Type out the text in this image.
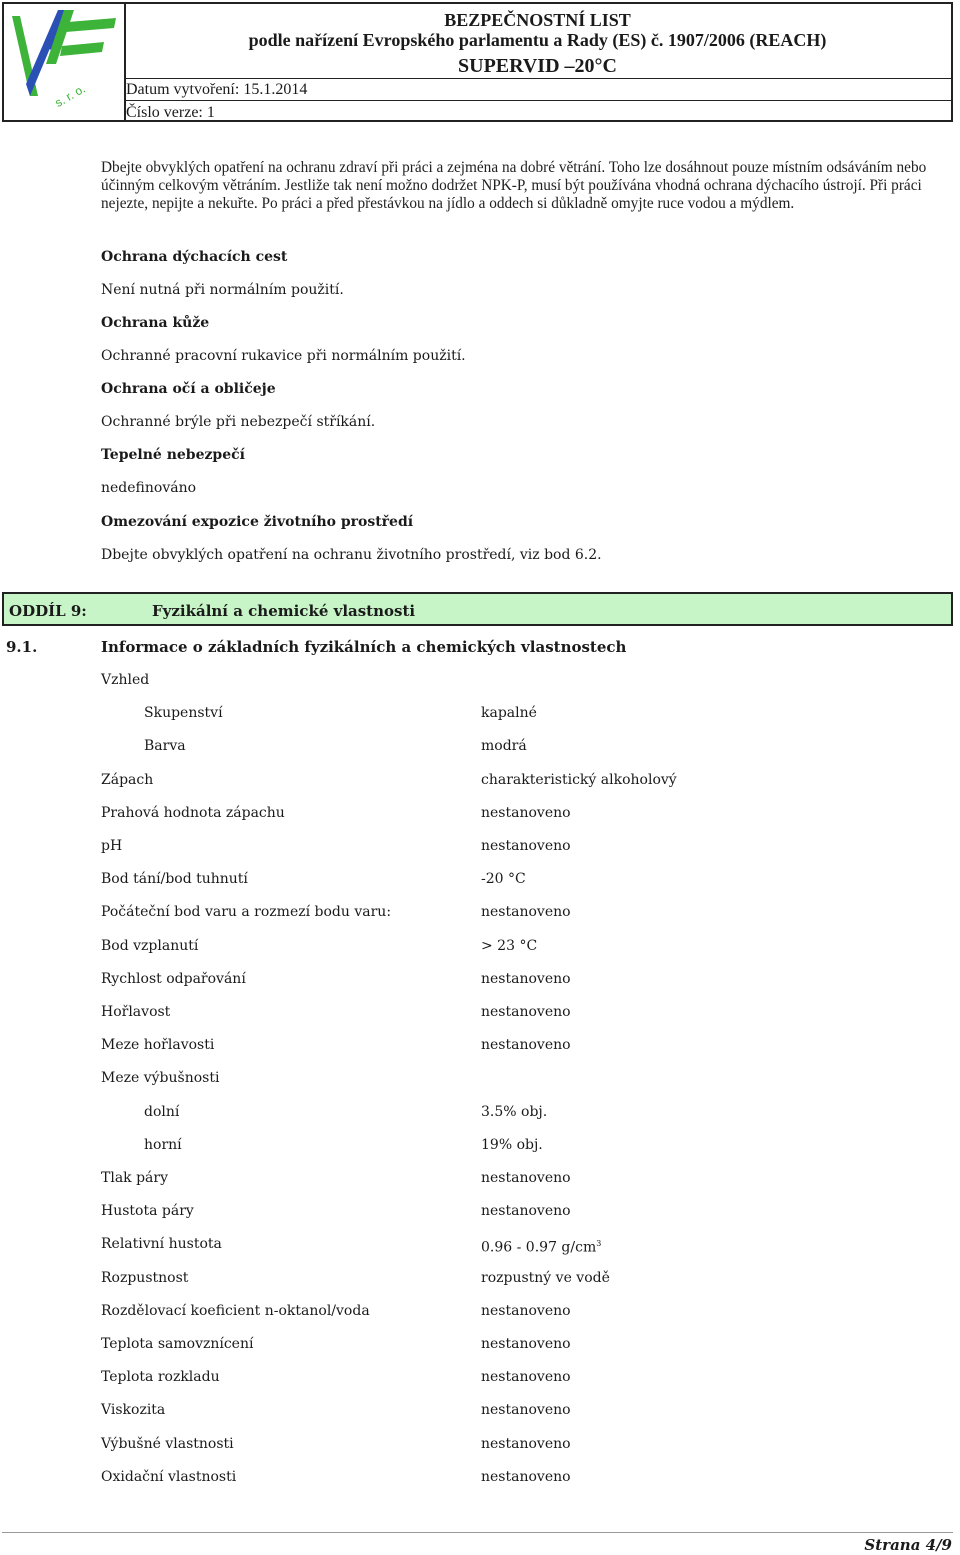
s. r. o.
BEZPEČNOSTNÍ LIST
podle nařízení Evropského parlamentu a Rady (ES) č. 1907/2006 (REACH)
SUPERVID –20°C
Datum vytvoření: 15.1.2014
Číslo verze: 1
Dbejte obvyklých opatření na ochranu zdraví při práci a zejména na dobré větrání. Toho lze dosáhnout pouze místním odsáváním nebo účinným celkovým větráním. Jestliže tak není možno dodržet NPK-P, musí být používána vhodná ochrana dýchacího ústrojí. Při práci nejezte, nepijte a nekuřte. Po práci a před přestávkou na jídlo a oddech si důkladně omyjte ruce vodou a mýdlem.
Ochrana dýchacích cest
Není nutná při normálním použití.
Ochrana kůže
Ochranné pracovní rukavice při normálním použití.
Ochrana očí a obličeje
Ochranné brýle při nebezpečí stříkání.
Tepelné nebezpečí
nedefinováno
Omezování expozice životního prostředí
Dbejte obvyklých opatření na ochranu životního prostředí, viz bod 6.2.
ODDÍL 9:	Fyzikální a chemické vlastnosti
9.1.	Informace o základních fyzikálních a chemických vlastnostech
Vzhled
Skupenství	kapalné
Barva	modrá
Zápach	charakteristický alkoholový
Prahová hodnota zápachu	nestanoveno
pH	nestanoveno
Bod tání/bod tuhnutí	-20 °C
Počáteční bod varu a rozmezí bodu varu:	nestanoveno
Bod vzplanutí	> 23 °C
Rychlost odpařování	nestanoveno
Hořlavost	nestanoveno
Meze hořlavosti	nestanoveno
Meze výbušnosti
dolní	3.5% obj.
horní	19% obj.
Tlak páry	nestanoveno
Hustota páry	nestanoveno
Relativní hustota	0.96 - 0.97 $g/cm^3$
Rozpustnost	rozpustný ve vodě
Rozdělovací koeficient n-oktanol/voda	nestanoveno
Teplota samovznícení	nestanoveno
Teplota rozkladu	nestanoveno
Viskozita	nestanoveno
Výbušné vlastnosti	nestanoveno
Oxidační vlastnosti	nestanoveno
Strana 4/9
